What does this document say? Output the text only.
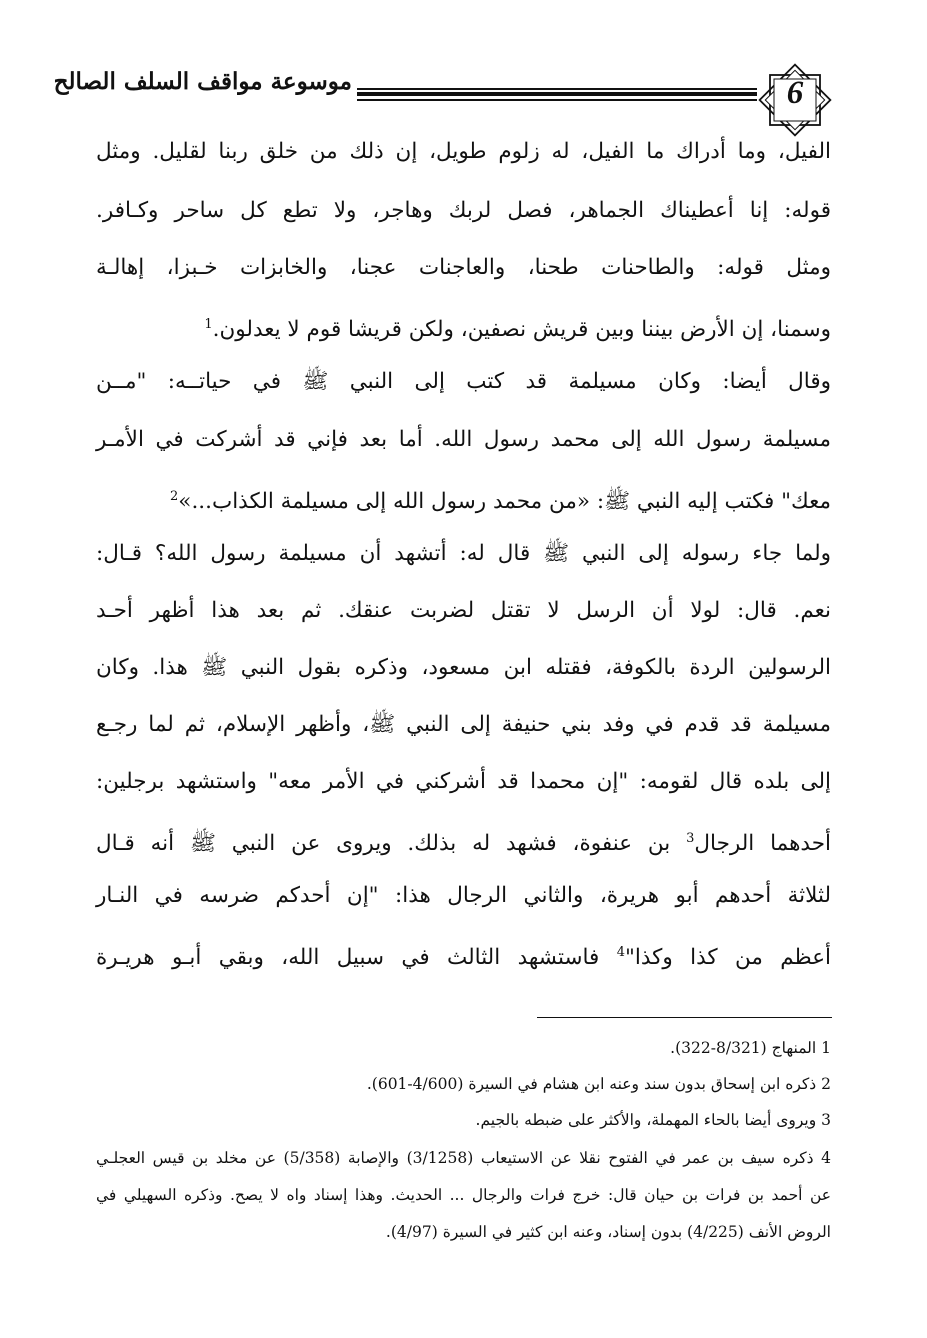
6
موسوعة مواقف السلف الصالح
الفيل، وما أدراك ما الفيل، له زلوم طويل، إن ذلك من خلق ربنا لقليل. ومثل
قوله: إنا أعطيناك الجماهر، فصل لربك وهاجر، ولا تطع كل ساحر وكـافر.
ومثل قوله: والطاحنات طحنا، والعاجنات عجنا، والخابزات خـبزا، إهالـة
وسمنا، إن الأرض بيننا وبين قريش نصفين، ولكن قريشا قوم لا يعدلون.$^1$
وقال أيضا: وكان مسيلمة قد كتب إلى النبي ﷺ في حياتــه: "مــن
مسيلمة رسول الله إلى محمد رسول الله. أما بعد فإني قد أشركت في الأمـر
معك" فكتب إليه النبي ﷺ: «من محمد رسول الله إلى مسيلمة الكذاب...»$^2$
ولما جاء رسوله إلى النبي ﷺ قال له: أتشهد أن مسيلمة رسول الله؟ قـال:
نعم. قال: لولا أن الرسل لا تقتل لضربت عنقك. ثم بعد هذا أظهر أحـد
الرسولين الردة بالكوفة، فقتله ابن مسعود، وذكره بقول النبي ﷺ هذا. وكان
مسيلمة قد قدم في وفد بني حنيفة إلى النبي ﷺ، وأظهر الإسلام، ثم لما رجـع
إلى بلده قال لقومه: "إن محمدا قد أشركني في الأمر معه" واستشهد برجلين:
أحدهما الرجال$^3$ بن عنفوة، فشهد له بذلك. ويروى عن النبي ﷺ أنه قـال
لثلاثة أحدهم أبو هريرة، والثاني الرجال هذا: "إن أحدكم ضرسه في النـار
أعظم من كذا وكذا"$^4$ فاستشهد الثالث في سبيل الله، وبقي أبـو هريـرة
1 المنهاج (8/321-322).
2 ذكره ابن إسحاق بدون سند وعنه ابن هشام في السيرة (4/600-601).
3 ويروى أيضا بالحاء المهملة، والأكثر على ضبطه بالجيم.
4 ذكره سيف بن عمر في الفتوح نقلا عن الاستيعاب (3/1258) والإصابة (5/358) عن مخلد بن قيس العجلـي
عن أحمد بن فرات بن حيان قال: خرج فرات والرجال ... الحديث. وهذا إسناد واه لا يصح. وذكره السهيلي في
الروض الأنف (4/225) بدون إسناد، وعنه ابن كثير في السيرة (4/97).
